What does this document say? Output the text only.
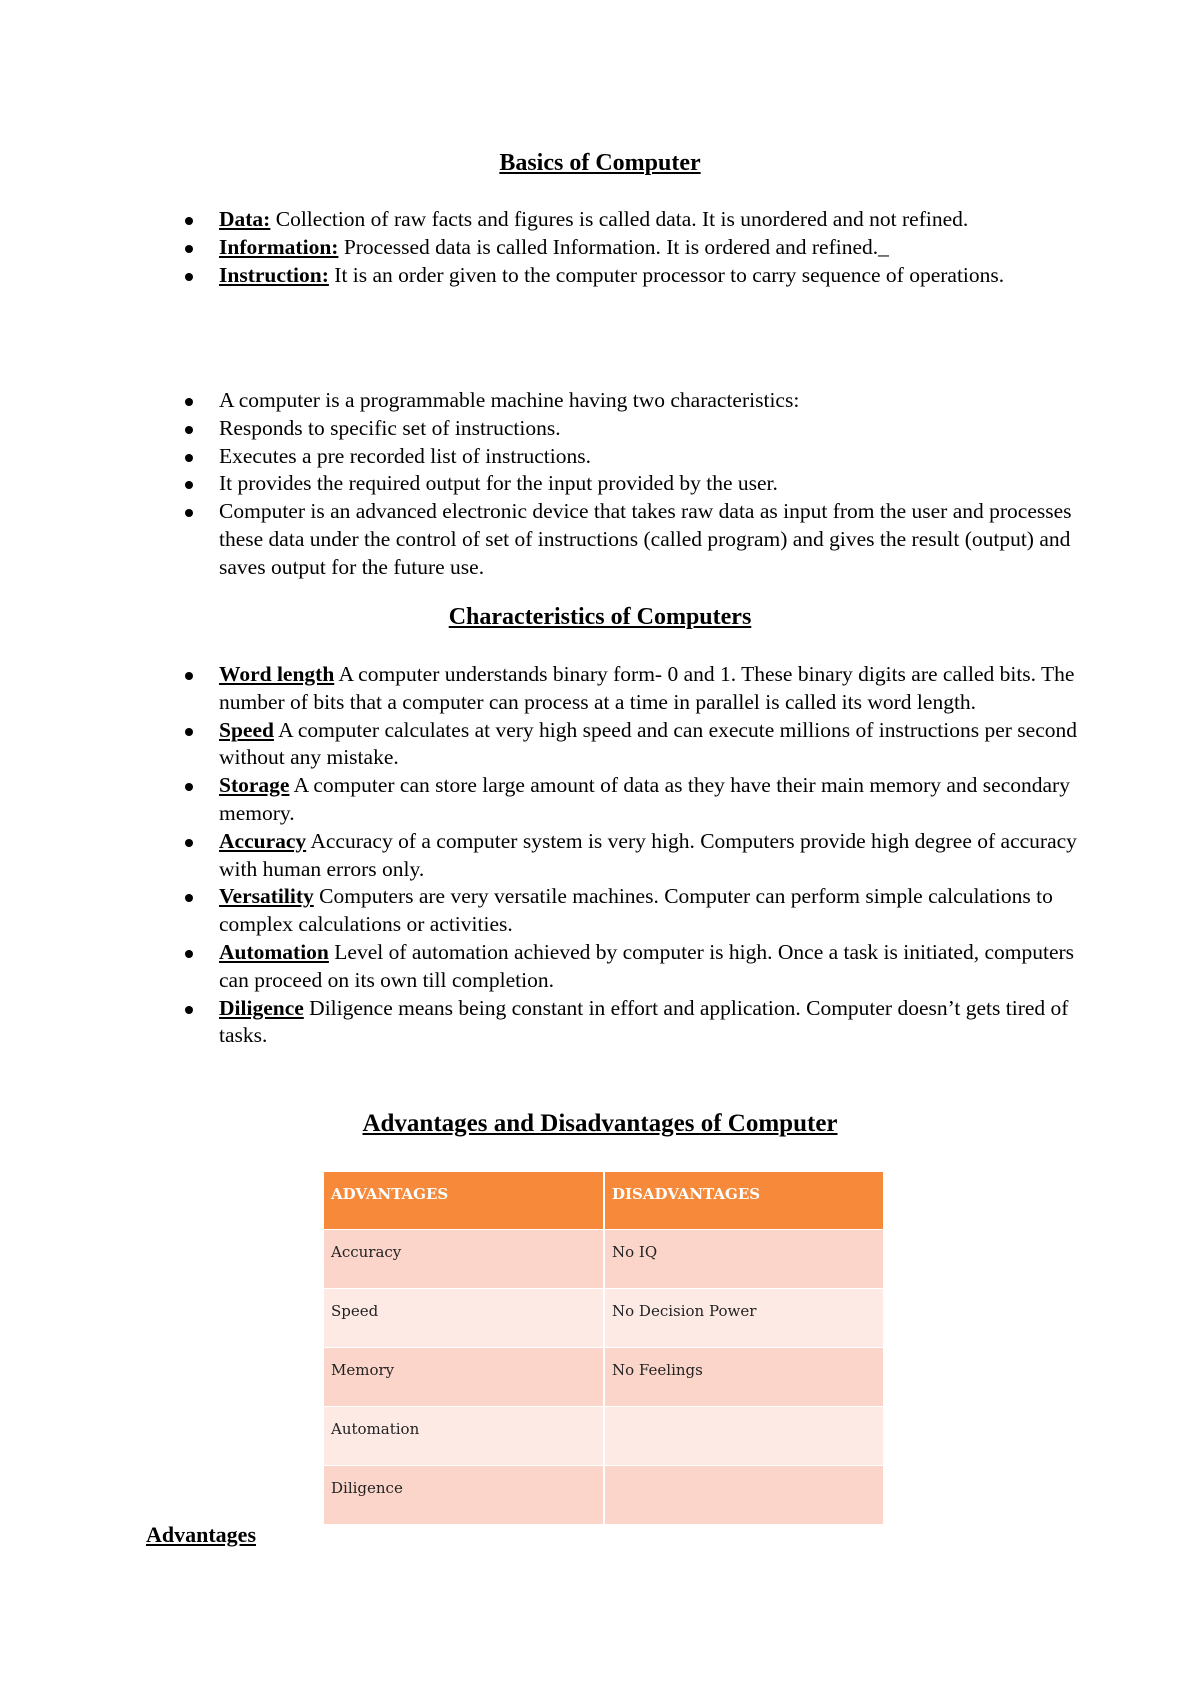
Basics of Computer
Data: Collection of raw facts and figures is called data. It is unordered and not refined.
Information: Processed data is called Information. It is ordered and refined._
Instruction: It is an order given to the computer processor to carry sequence of operations.
A computer is a programmable machine having two characteristics:
Responds to specific set of instructions.
Executes a pre recorded list of instructions.
It provides the required output for the input provided by the user.
Computer is an advanced electronic device that takes raw data as input from the user and processes these data under the control of set of instructions (called program) and gives the result (output) and saves output for the future use.
Characteristics of Computers
Word length A computer understands binary form- 0 and 1. These binary digits are called bits. The number of bits that a computer can process at a time in parallel is called its word length.
Speed A computer calculates at very high speed and can execute millions of instructions per second without any mistake.
Storage A computer can store large amount of data as they have their main memory and secondary memory.
Accuracy Accuracy of a computer system is very high. Computers provide high degree of accuracy with human errors only.
Versatility Computers are very versatile machines. Computer can perform simple calculations to complex calculations or activities.
Automation Level of automation achieved by computer is high. Once a task is initiated, computers can proceed on its own till completion.
Diligence Diligence means being constant in effort and application. Computer doesn’t gets tired of tasks.
Advantages and Disadvantages of Computer
ADVANTAGES	DISADVANTAGES
Accuracy	No IQ
Speed	No Decision Power
Memory	No Feelings
Automation	
Diligence	
Advantages
